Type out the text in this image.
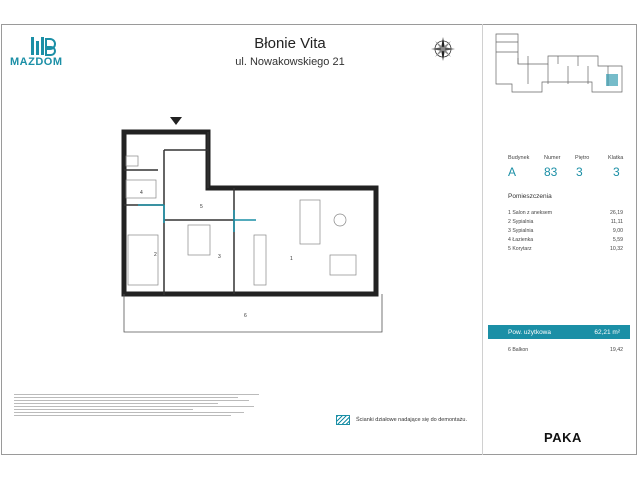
MAZDOM
Błonie Vita
ul. Nowakowskiego 21
Budynek	Numer	Piętro	Klatka
A 83 3	3
Pomieszczenia
1 Salon z aneksem	26,19
2 Sypialnia	11,11
3 Sypialnia	9,00
4 Łazienka	5,59
5 Korytarz	10,32
Pow. użytkowa	62,21 m²
6 Balkon	19,42
1
2	3
4
5
6
Ścianki działowe nadające się do demontażu.
PAKA
